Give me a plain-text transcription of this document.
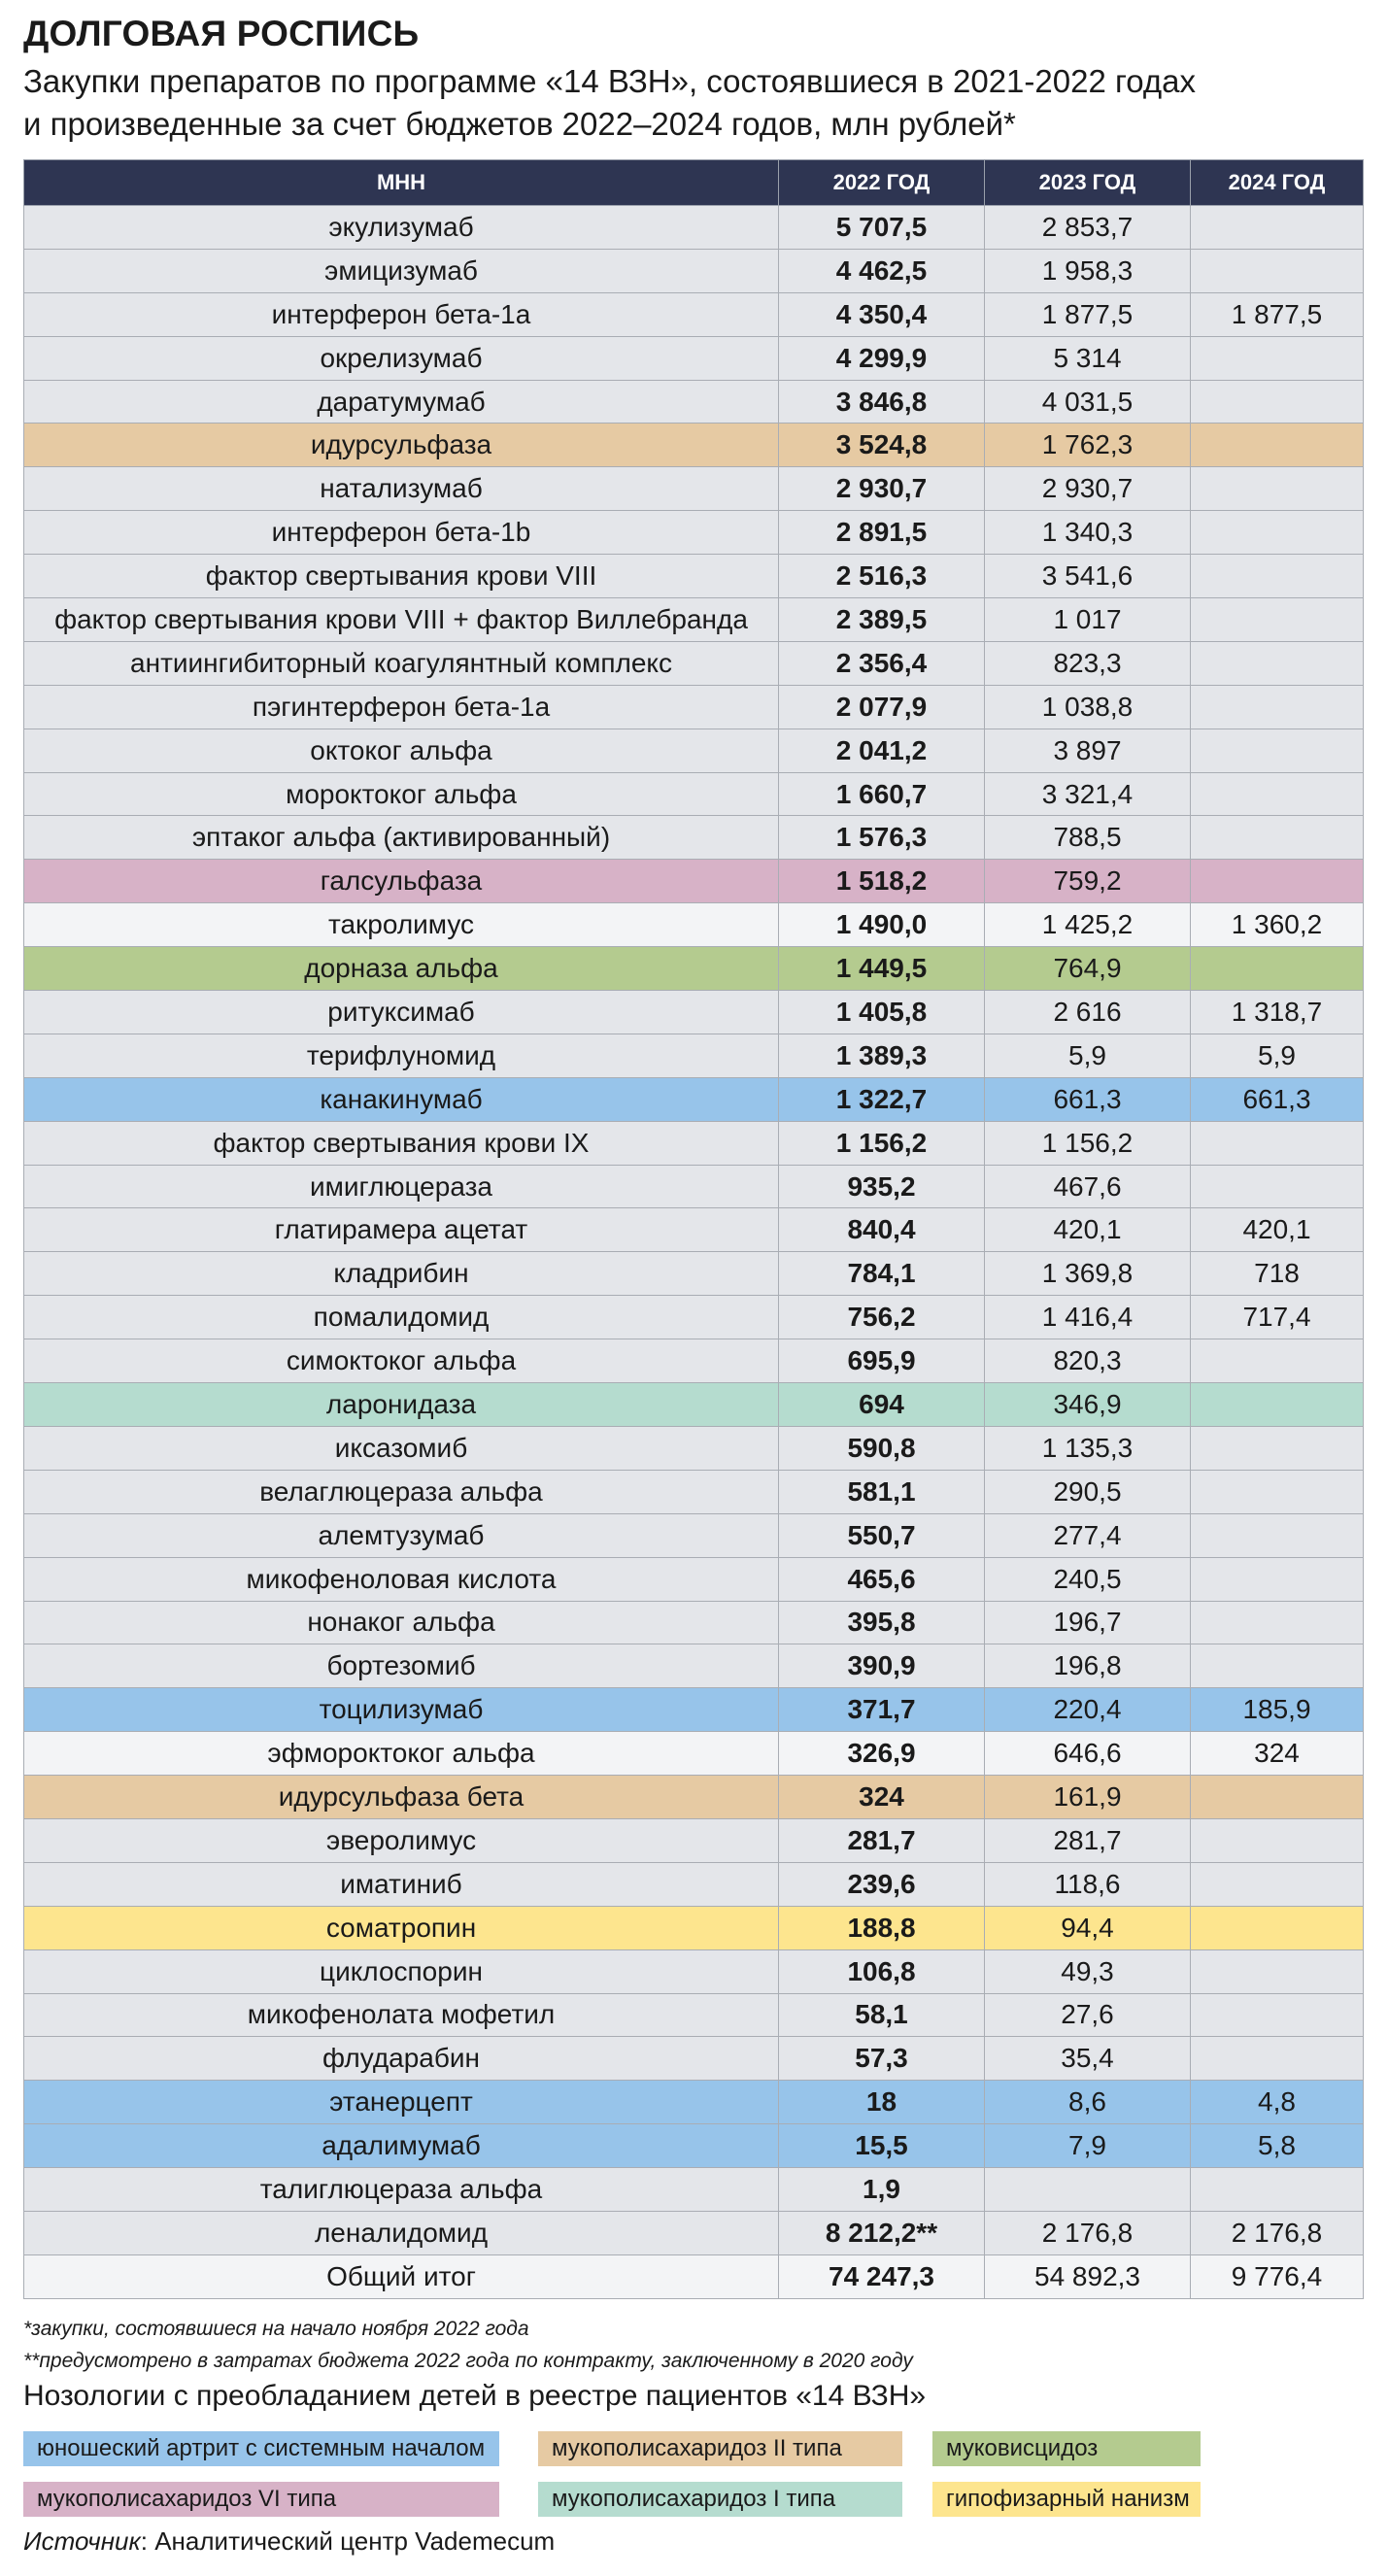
ДОЛГОВАЯ РОСПИСЬ
Закупки препаратов по программе «14 ВЗН», состоявшиеся в 2021-2022 годах
и произведенные за счет бюджетов 2022–2024 годов, млн рублей*
МНН	2022 ГОД	2023 ГОД	2024 ГОД
экулизумаб	5 707,5	2 853,7	
эмицизумаб	4 462,5	1 958,3	
интерферон бета-1а	4 350,4	1 877,5	1 877,5
окрелизумаб	4 299,9	5 314	
даратумумаб	3 846,8	4 031,5	
идурсульфаза	3 524,8	1 762,3	
натализумаб	2 930,7	2 930,7	
интерферон бета-1b	2 891,5	1 340,3	
фактор свертывания крови VIII	2 516,3	3 541,6	
фактор свертывания крови VIII + фактор Виллебранда	2 389,5	1 017	
антиингибиторный коагулянтный комплекс	2 356,4	823,3	
пэгинтерферон бета-1а	2 077,9	1 038,8	
октоког альфа	2 041,2	3 897	
мороктоког альфа	1 660,7	3 321,4	
эптаког альфа (активированный)	1 576,3	788,5	
галсульфаза	1 518,2	759,2	
такролимус	1 490,0	1 425,2	1 360,2
дорназа альфа	1 449,5	764,9	
ритуксимаб	1 405,8	2 616	1 318,7
терифлуномид	1 389,3	5,9	5,9
канакинумаб	1 322,7	661,3	661,3
фактор свертывания крови IX	1 156,2	1 156,2	
имиглюцераза	935,2	467,6	
глатирамера ацетат	840,4	420,1	420,1
кладрибин	784,1	1 369,8	718
помалидомид	756,2	1 416,4	717,4
симоктоког альфа	695,9	820,3	
ларонидаза	694	346,9	
иксазомиб	590,8	1 135,3	
велаглюцераза альфа	581,1	290,5	
алемтузумаб	550,7	277,4	
микофеноловая кислота	465,6	240,5	
нонаког альфа	395,8	196,7	
бортезомиб	390,9	196,8	
тоцилизумаб	371,7	220,4	185,9
эфмороктоког альфа	326,9	646,6	324
идурсульфаза бета	324	161,9	
эверолимус	281,7	281,7	
иматиниб	239,6	118,6	
соматропин	188,8	94,4	
циклоспорин	106,8	49,3	
микофенолата мофетил	58,1	27,6	
флударабин	57,3	35,4	
этанерцепт	18	8,6	4,8
адалимумаб	15,5	7,9	5,8
талиглюцераза альфа	1,9		
леналидомид	8 212,2**	2 176,8	2 176,8
Общий итог	74 247,3	54 892,3	9 776,4
*закупки, состоявшиеся на начало ноября 2022 года
**предусмотрено в затратах бюджета 2022 года по контракту, заключенному в 2020 году
Нозологии с преобладанием детей в реестре пациентов «14 ВЗН»
юношеский артрит с системным началом	мукополисахаридоз II типа	муковисцидоз
мукополисахаридоз VI типа	мукополисахаридоз I типа	гипофизарный нанизм
Источник: Аналитический центр Vademecum
